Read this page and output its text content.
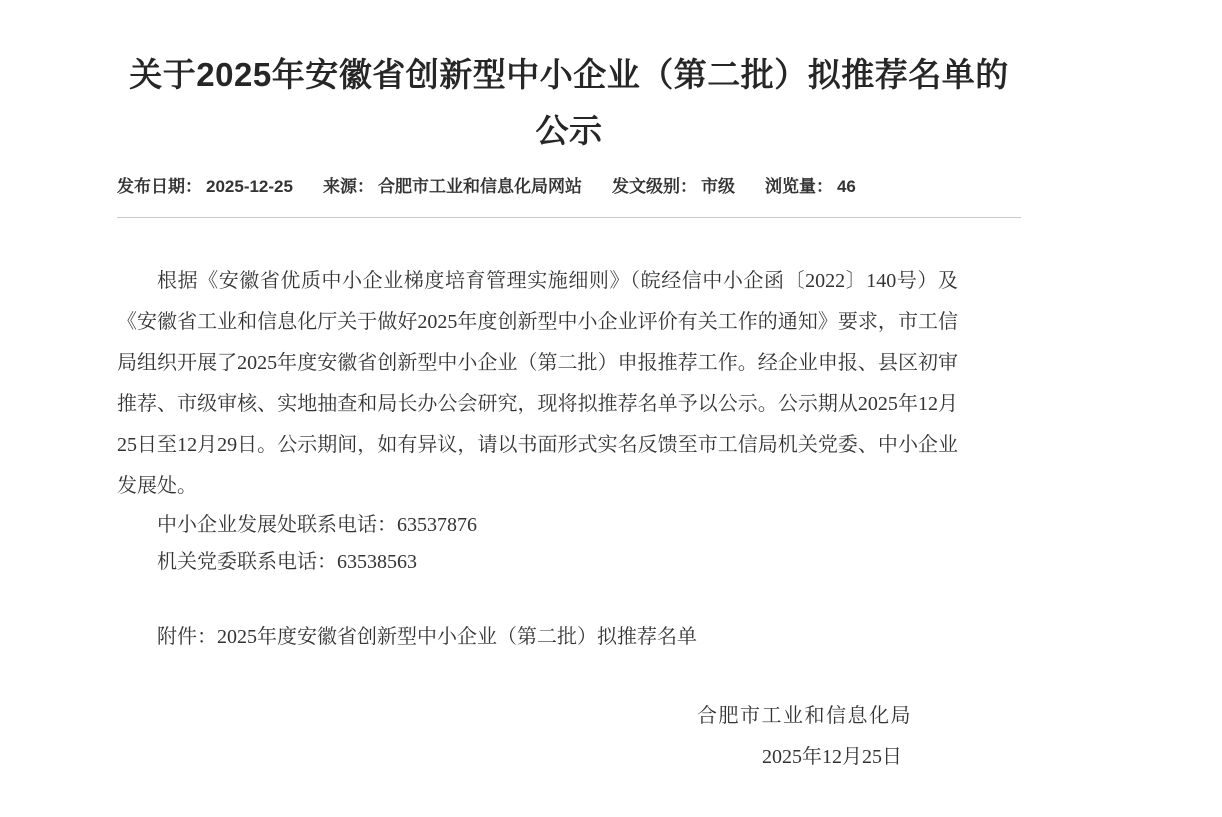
关于2025年安徽省创新型中小企业（第二批）拟推荐名单的
公示
发布日期： 2025-12-25 来源： 合肥市工业和信息化局网站 发文级别： 市级 浏览量： 46
根据《安徽省优质中小企业梯度培育管理实施细则》（皖经信中小企函〔2022〕140号）及
《安徽省工业和信息化厅关于做好2025年度创新型中小企业评价有关工作的通知》要求，市工信
局组织开展了2025年度安徽省创新型中小企业（第二批）申报推荐工作。经企业申报、县区初审
推荐、市级审核、实地抽查和局长办公会研究，现将拟推荐名单予以公示。公示期从2025年12月
25日至12月29日。公示期间，如有异议，请以书面形式实名反馈至市工信局机关党委、中小企业
发展处。
中小企业发展处联系电话：63537876
机关党委联系电话：63538563
附件：2025年度安徽省创新型中小企业（第二批）拟推荐名单
合肥市工业和信息化局
2025年12月25日
